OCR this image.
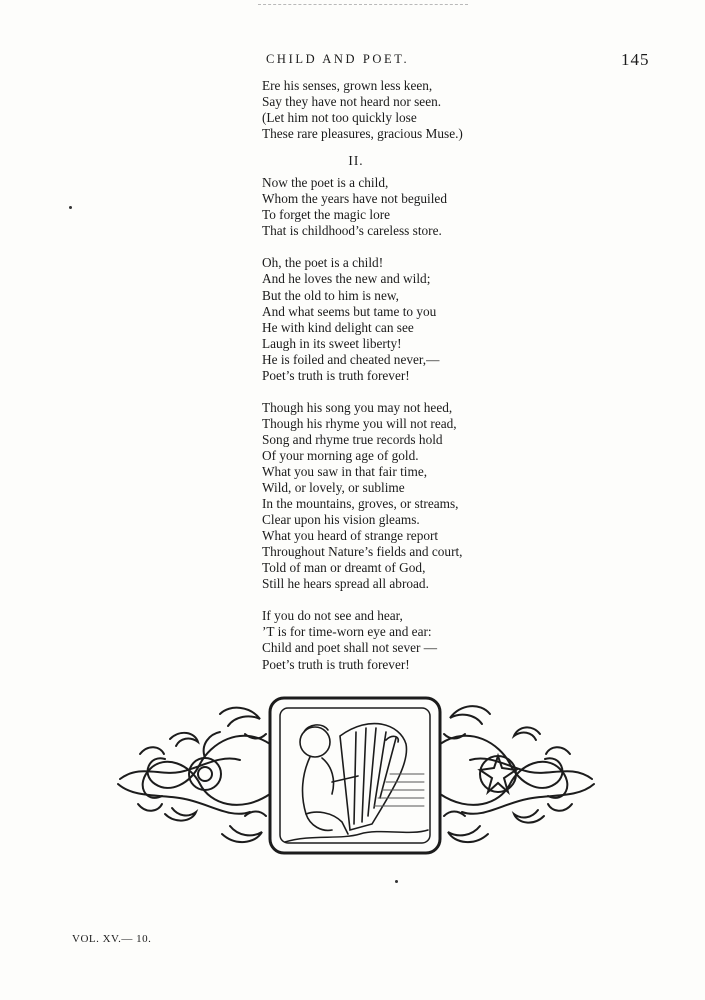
CHILD AND POET.	145
Ere his senses, grown less keen,
Say they have not heard nor seen.
(Let him not too quickly lose
These rare pleasures, gracious Muse.)
II.
Now the poet is a child,
Whom the years have not beguiled
To forget the magic lore
That is childhood’s careless store.
Oh, the poet is a child!
And he loves the new and wild;
But the old to him is new,
And what seems but tame to you
He with kind delight can see
Laugh in its sweet liberty!
He is foiled and cheated never,—
Poet’s truth is truth forever!
Though his song you may not heed,
Though his rhyme you will not read,
Song and rhyme true records hold
Of your morning age of gold.
What you saw in that fair time,
Wild, or lovely, or sublime
In the mountains, groves, or streams,
Clear upon his vision gleams.
What you heard of strange report
Throughout Nature’s fields and court,
Told of man or dreamt of God,
Still he hears spread all abroad.
If you do not see and hear,
’T is for time-worn eye and ear:
Child and poet shall not sever —
Poet’s truth is truth forever!
VOL. XV.— 10.
